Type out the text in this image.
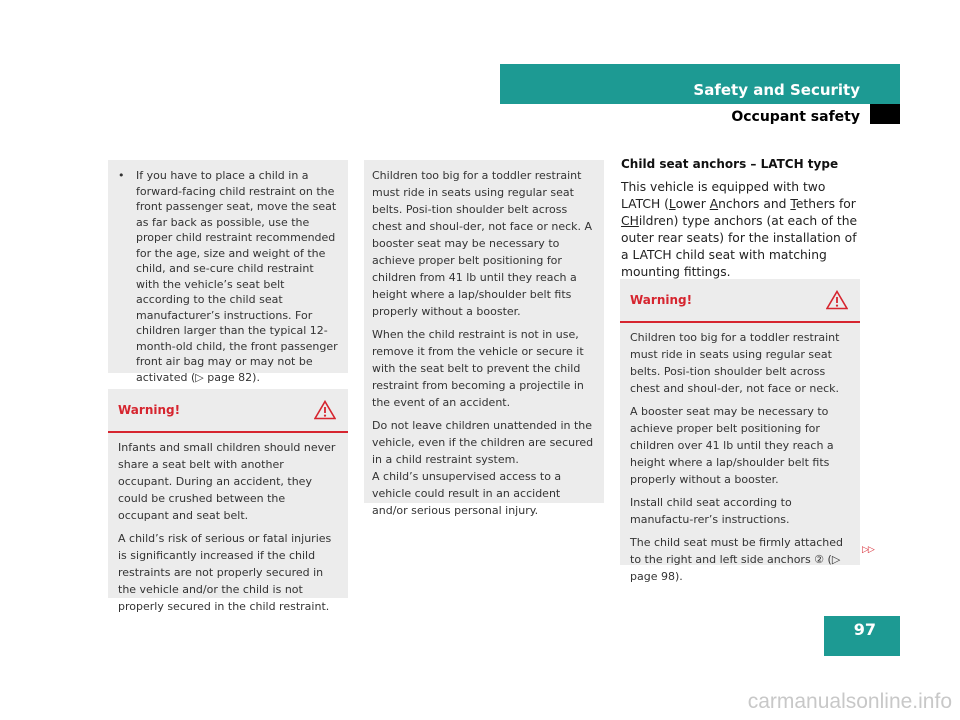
Safety and Security
Occupant safety
•	If you have to place a child in a forward-facing child restraint on the front passenger seat, move the seat as far back as possible, use the proper child restraint recommended for the age, size and weight of the child, and se-cure child restraint with the vehicle’s seat belt according to the child seat manufacturer’s instructions. For children larger than the typical 12-month-old child, the front passenger front air bag may or may not be activated (▷ page 82).
Warning!

Infants and small children should never share a seat belt with another occupant. During an accident, they could be crushed between the occupant and seat belt.

A child’s risk of serious or fatal injuries is significantly increased if the child restraints are not properly secured in the vehicle and/or the child is not properly secured in the child restraint.

Children too big for a toddler restraint must ride in seats using regular seat belts. Posi-tion shoulder belt across chest and shoul-der, not face or neck. A booster seat may be necessary to achieve proper belt positioning for children from 41 lb until they reach a height where a lap/shoulder belt fits properly without a booster.

When the child restraint is not in use, remove it from the vehicle or secure it with the seat belt to prevent the child restraint from becoming a projectile in the event of an accident.

Do not leave children unattended in the vehicle, even if the children are secured in a child restraint system.
A child’s unsupervised access to a vehicle could result in an accident and/or serious personal injury.

Child seat anchors – LATCH type
This vehicle is equipped with two LATCH (Lower Anchors and Tethers for CHildren) type anchors (at each of the outer rear seats) for the installation of a LATCH child seat with matching mounting fittings.
Warning!

Children too big for a toddler restraint must ride in seats using regular seat belts. Posi-tion shoulder belt across chest and shoul-der, not face or neck.

A booster seat may be necessary to achieve proper belt positioning for children over 41 lb until they reach a height where a lap/shoulder belt fits properly without a booster.

Install child seat according to manufactu-rer’s instructions.

The child seat must be firmly attached to the right and left side anchors ② (▷ page 98).

▷▷
97
carmanualsonline.info
